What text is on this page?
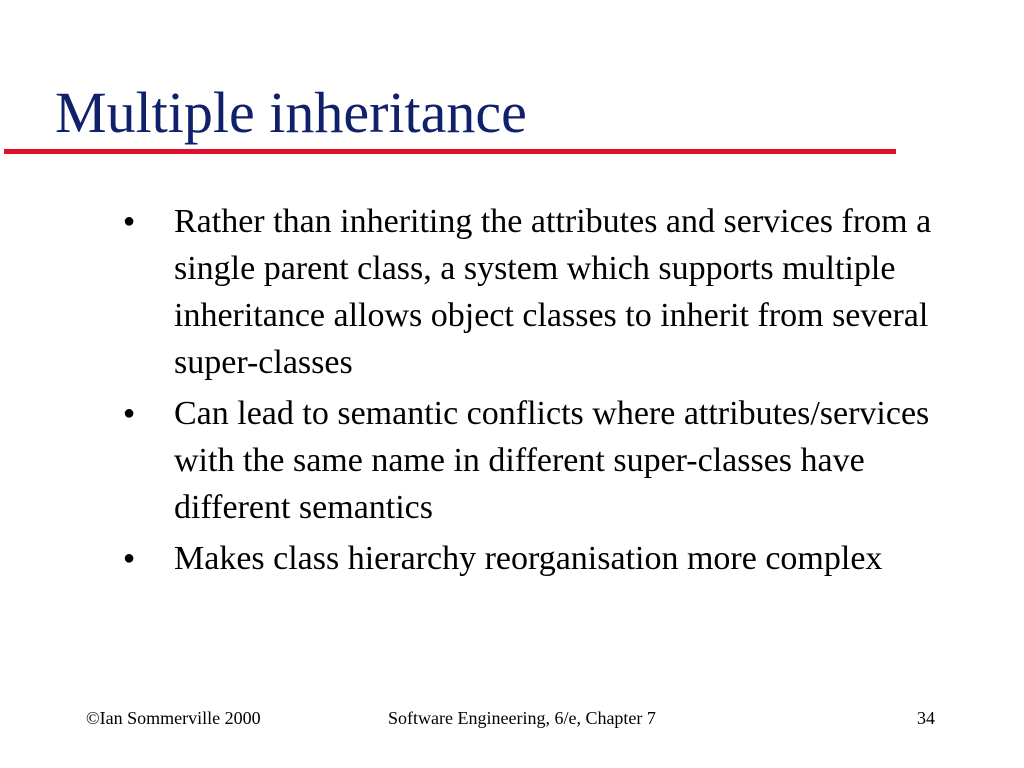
Multiple inheritance
● Rather than inheriting the attributes and services from a single parent class, a system which supports multiple inheritance allows object classes to inherit from several super-classes
● Can lead to semantic conflicts where attributes/services with the same name in different super-classes have different semantics
● Makes class hierarchy reorganisation more complex
©Ian Sommerville 2000	Software Engineering, 6/e, Chapter 7	34
